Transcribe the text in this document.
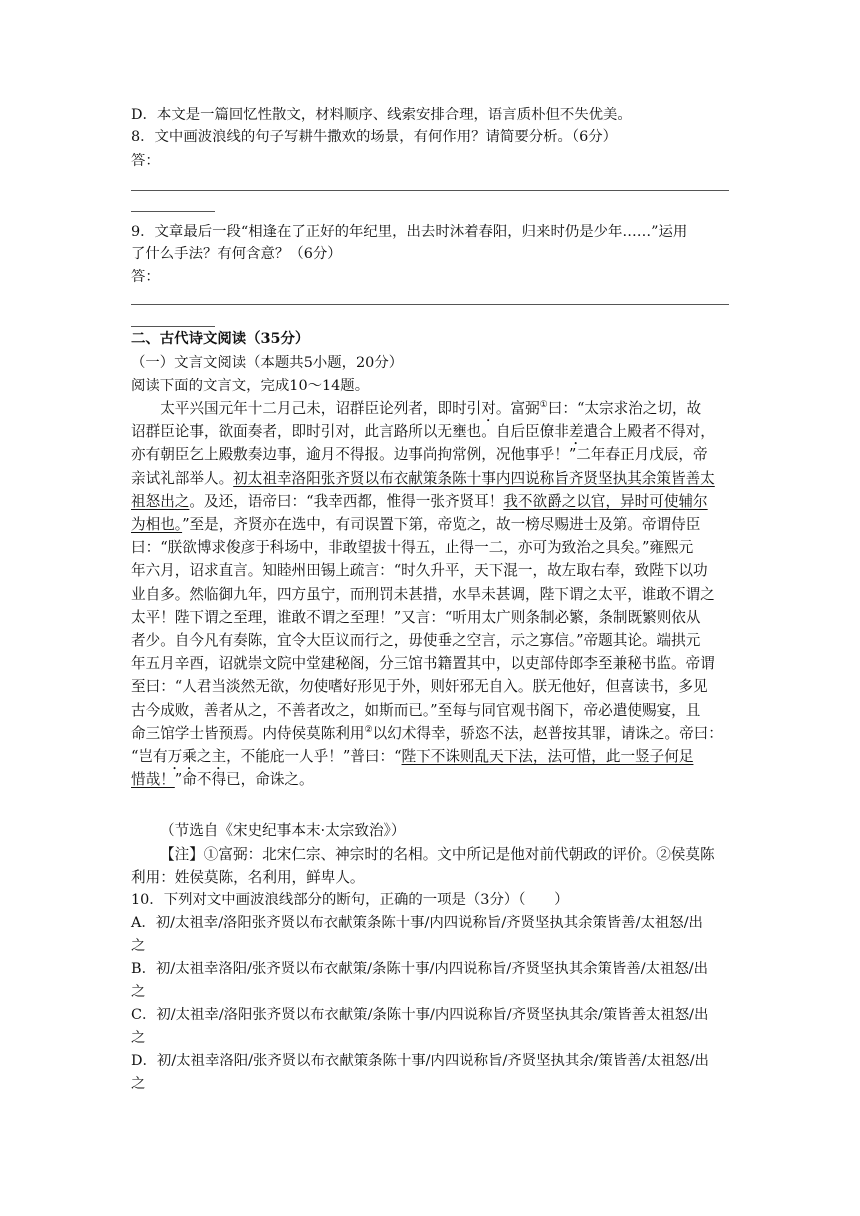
D．本文是一篇回忆性散文，材料顺序、线索安排合理，语言质朴但不失优美。
8．文中画波浪线的句子写耕牛撒欢的场景，有何作用？请简要分析。（6分）
答：
9．文章最后一段“相逢在了正好的年纪里，出去时沐着春阳，归来时仍是少年……”运用
了什么手法？有何含意？（6分）
答：
二、古代诗文阅读（35分）
（一）文言文阅读（本题共5小题，20分）
阅读下面的文言文，完成10～14题。
　　太平兴国元年十二月己未，诏群臣论列者，即时引对。富弼①曰：“太宗求治之切，故
诏群臣论事，欲面奏者，即时引对，此言路所以无壅也。自后臣僚非差遣合上殿者不得对，
亦有朝臣乞上殿敷奏边事，逾月不得报。边事尚拘常例，况他事乎！”二年春正月戊辰，帝
亲试礼部举人。初太祖幸洛阳张齐贤以布衣献策条陈十事内四说称旨齐贤坚执其余策皆善太
祖怒出之。及还，语帝曰：“我幸西都，惟得一张齐贤耳！我不欲爵之以官，异时可使辅尔
为相也。”至是，齐贤亦在选中，有司误置下第，帝览之，故一榜尽赐进士及第。帝谓侍臣
曰：“朕欲博求俊彦于科场中，非敢望拔十得五，止得一二，亦可为致治之具矣。”雍熙元
年六月，诏求直言。知睦州田锡上疏言：“时久升平，天下混一，故左取右奉，致陛下以功
业自多。然临御九年，四方虽宁，而刑罚未甚措，水旱未甚调，陛下谓之太平，谁敢不谓之
太平！陛下谓之至理，谁敢不谓之至理！”又言：“听用太广则条制必繁，条制既繁则依从
者少。自今凡有奏陈，宜令大臣议而行之，毋使垂之空言，示之寡信。”帝题其论。端拱元
年五月辛酉，诏就崇文院中堂建秘阁，分三馆书籍置其中，以吏部侍郎李至兼秘书监。帝谓
至曰：“人君当淡然无欲，勿使嗜好形见于外，则奸邪无自入。朕无他好，但喜读书，多见
古今成败，善者从之，不善者改之，如斯而已。”至每与同官观书阁下，帝必遣使赐宴，且
命三馆学士皆预焉。内侍侯莫陈利用②以幻术得幸，骄恣不法，赵普按其罪，请诛之。帝曰：
“岂有万乘之主，不能庇一人乎！”普曰：“陛下不诛则乱天下法，法可惜，此一竖子何足
惜哉！”命不得已，命诛之。
（节选自《宋史纪事本末·太宗致治》）
【注】①富弼：北宋仁宗、神宗时的名相。文中所记是他对前代朝政的评价。②侯莫陈
利用：姓侯莫陈，名利用，鲜卑人。
10．下列对文中画波浪线部分的断句，正确的一项是（3分）（　　）
A．初/太祖幸/洛阳张齐贤以布衣献策条陈十事/内四说称旨/齐贤坚执其余策皆善/太祖怒/出
之
B．初/太祖幸洛阳/张齐贤以布衣献策/条陈十事/内四说称旨/齐贤坚执其余策皆善/太祖怒/出
之
C．初/太祖幸/洛阳张齐贤以布衣献策/条陈十事/内四说称旨/齐贤坚执其余/策皆善太祖怒/出
之
D．初/太祖幸洛阳/张齐贤以布衣献策条陈十事/内四说称旨/齐贤坚执其余/策皆善/太祖怒/出
之
